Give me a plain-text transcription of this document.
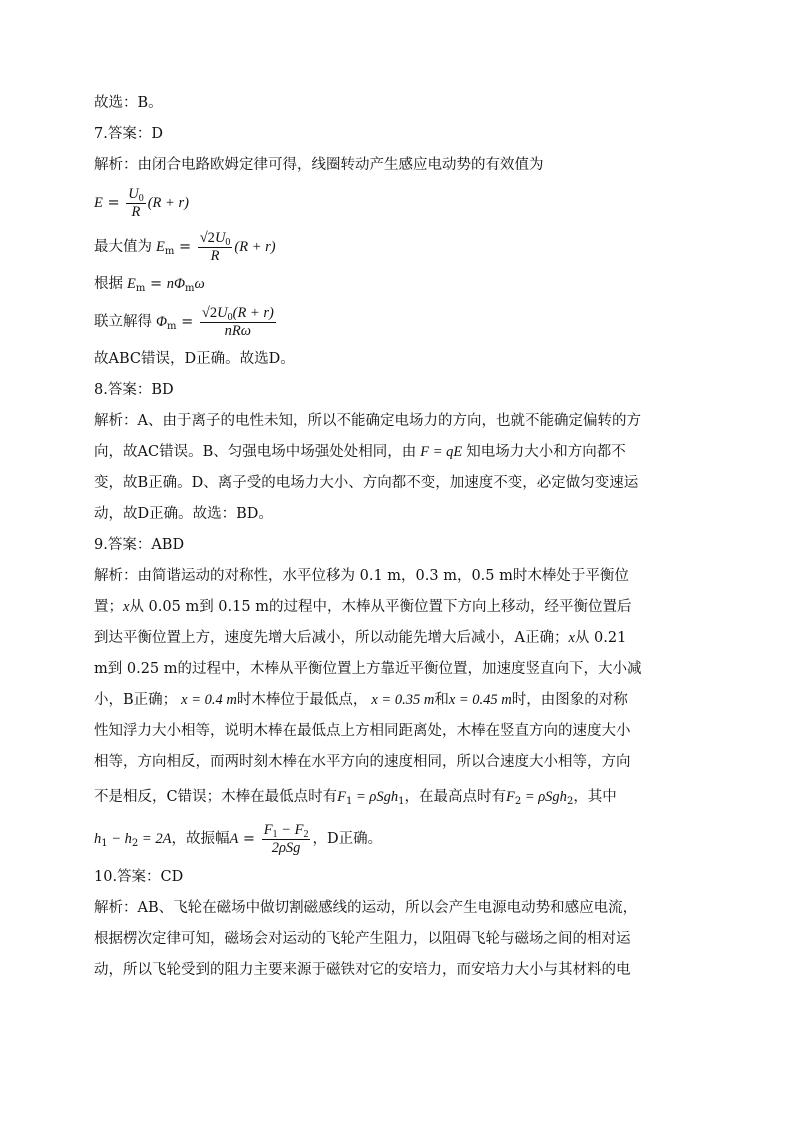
故选：B。
7.答案：D
解析：由闭合电路欧姆定律可得，线圈转动产生感应电动势的有效值为
$E = \frac{U_0}{R} (R + r)$
最大值为 $E_m = \frac{√2U_0}{R} (R + r)$
根据 $E_m = n\Phi_m\omega$
联立解得 $\Phi_m = \frac{√2U_0(R + r)}{\text{nRω}}$
故ABC错误，D正确。故选D。
8.答案：BD
解析：A、由于离子的电性未知，所以不能确定电场力的方向，也就不能确定偏转的方
向，故AC错误。B、匀强电场中场强处处相同，由 F = qE 知电场力大小和方向都不
变，故B正确。D、离子受的电场力大小、方向都不变，加速度不变，必定做匀变速运
动，故D正确。故选：BD。
9.答案：ABD
解析：由简谐运动的对称性，水平位移为 0.1 m，0.3 m，0.5 m时木棒处于平衡位
置；x从 0.05 m到 0.15 m的过程中，木棒从平衡位置下方向上移动，经平衡位置后
到达平衡位置上方，速度先增大后减小，所以动能先增大后减小，A正确；x从 0.21
m到 0.25 m的过程中，木棒从平衡位置上方靠近平衡位置，加速度竖直向下，大小减
小，B正确； x = 0.4 m时木棒位于最低点， x = 0.35 m和x = 0.45 m时，由图象的对称
性知浮力大小相等，说明木棒在最低点上方相同距离处，木棒在竖直方向的速度大小
相等，方向相反，而两时刻木棒在水平方向的速度相同，所以合速度大小相等，方向
不是相反，C错误；木棒在最低点时有$F_1 = \rho Sgh_1$，在最高点时有$F_2 = \rho Sgh_2$，其中
$h_1 - h_2 = 2A$，故振幅$A = \frac{F_1 - F_2}{\text{2ρSg}}$ ，D正确。
10.答案：CD
解析：AB、飞轮在磁场中做切割磁感线的运动，所以会产生电源电动势和感应电流，
根据楞次定律可知，磁场会对运动的飞轮产生阻力，以阻碍飞轮与磁场之间的相对运
动，所以飞轮受到的阻力主要来源于磁铁对它的安培力，而安培力大小与其材料的电
